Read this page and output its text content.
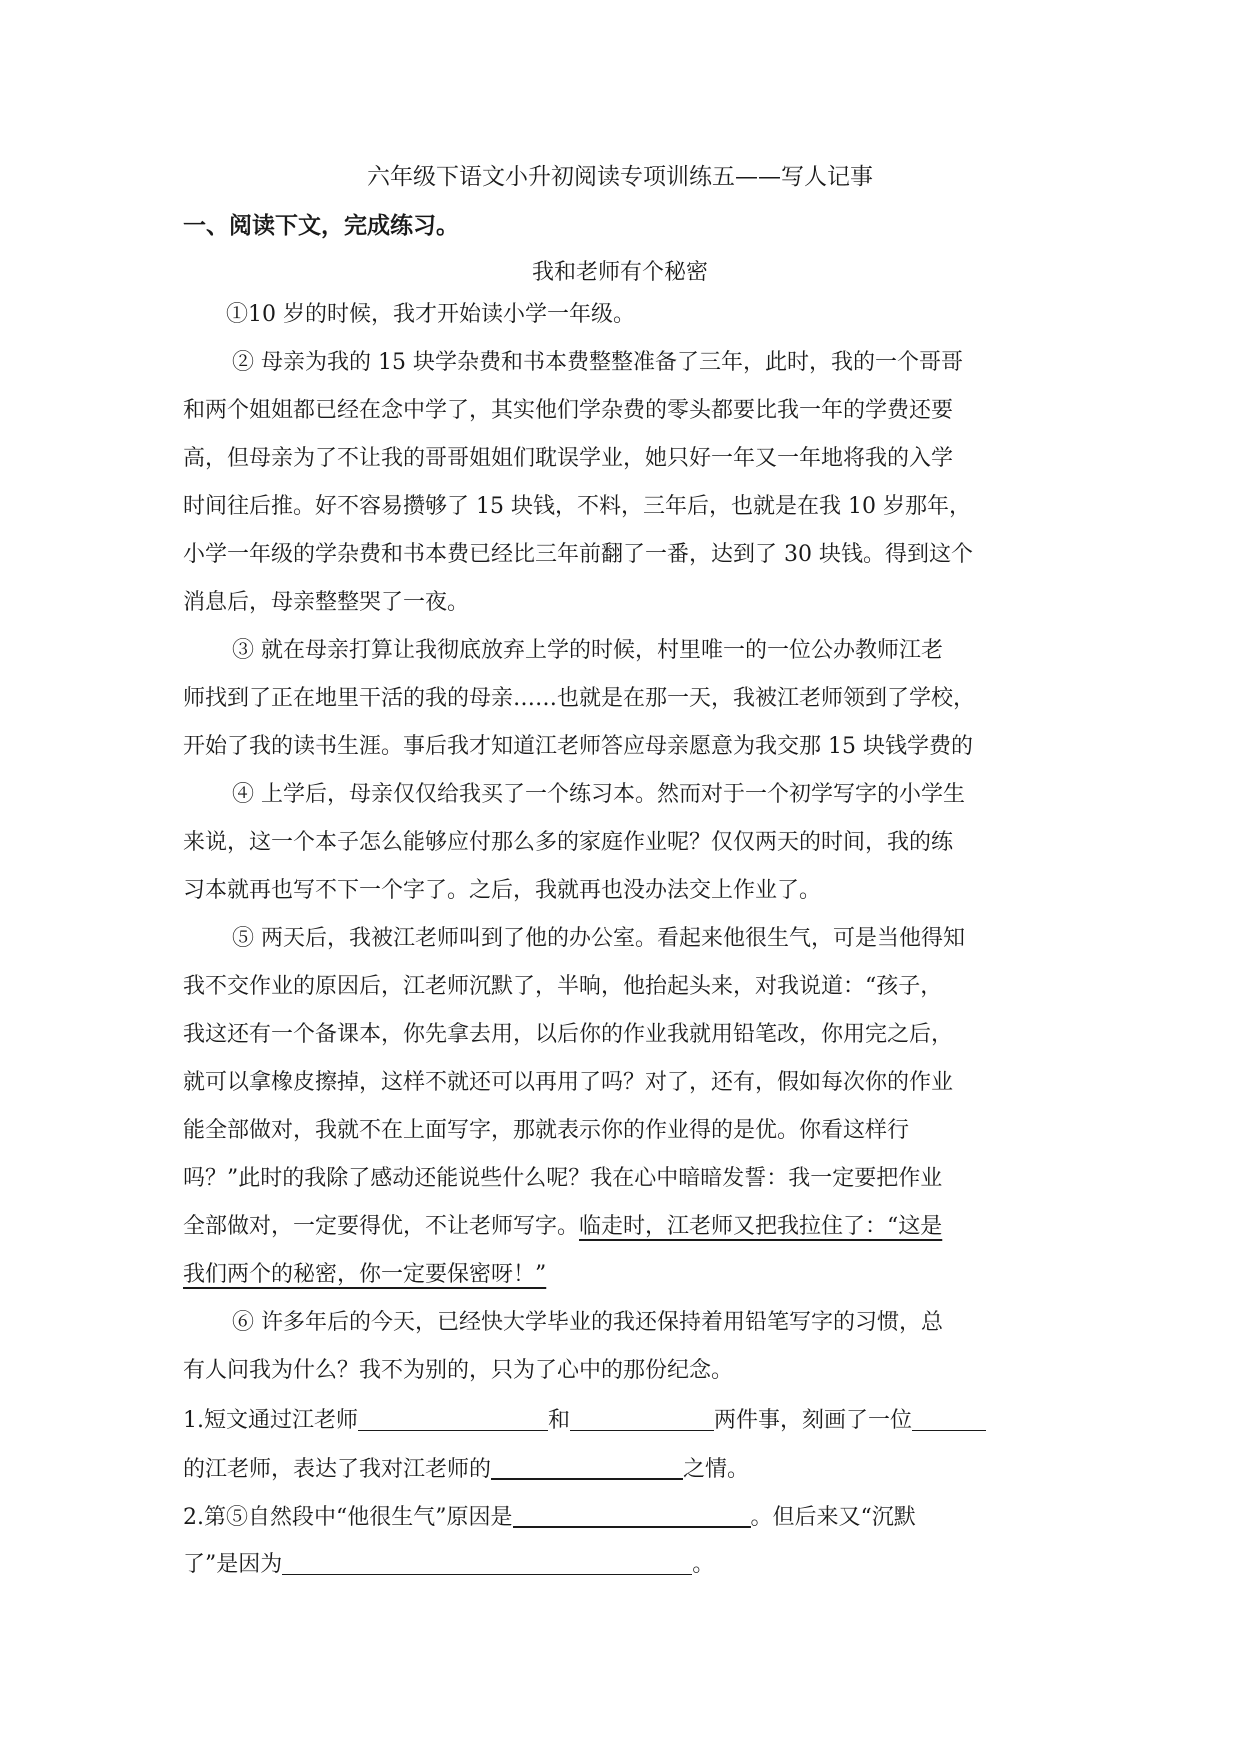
六年级下语文小升初阅读专项训练五——写人记事
一、阅读下文，完成练习。
我和老师有个秘密
①10 岁的时候，我才开始读小学一年级。
② 母亲为我的 15 块学杂费和书本费整整准备了三年，此时，我的一个哥哥
和两个姐姐都已经在念中学了，其实他们学杂费的零头都要比我一年的学费还要
高，但母亲为了不让我的哥哥姐姐们耽误学业，她只好一年又一年地将我的入学
时间往后推。好不容易攒够了 15 块钱，不料，三年后，也就是在我 10 岁那年，
小学一年级的学杂费和书本费已经比三年前翻了一番，达到了 30 块钱。得到这个
消息后，母亲整整哭了一夜。
③ 就在母亲打算让我彻底放弃上学的时候，村里唯一的一位公办教师江老
师找到了正在地里干活的我的母亲……也就是在那一天，我被江老师领到了学校，
开始了我的读书生涯。事后我才知道江老师答应母亲愿意为我交那 15 块钱学费的
④ 上学后，母亲仅仅给我买了一个练习本。然而对于一个初学写字的小学生
来说，这一个本子怎么能够应付那么多的家庭作业呢？仅仅两天的时间，我的练
习本就再也写不下一个字了。之后，我就再也没办法交上作业了。
⑤ 两天后，我被江老师叫到了他的办公室。看起来他很生气，可是当他得知
我不交作业的原因后，江老师沉默了，半晌，他抬起头来，对我说道：“孩子，
我这还有一个备课本，你先拿去用，以后你的作业我就用铅笔改，你用完之后，
就可以拿橡皮擦掉，这样不就还可以再用了吗？对了，还有，假如每次你的作业
能全部做对，我就不在上面写字，那就表示你的作业得的是优。你看这样行
吗？”此时的我除了感动还能说些什么呢？我在心中暗暗发誓：我一定要把作业
全部做对，一定要得优，不让老师写字。临走时，江老师又把我拉住了：“这是
我们两个的秘密，你一定要保密呀！”
⑥ 许多年后的今天，已经快大学毕业的我还保持着用铅笔写字的习惯，总
有人问我为什么？我不为别的，只为了心中的那份纪念。
1.短文通过江老师	和	两件事，刻画了一位
的江老师，表达了我对江老师的	之情。
2.第⑤自然段中“他很生气”原因是	。但后来又“沉默
了”是因为	。
